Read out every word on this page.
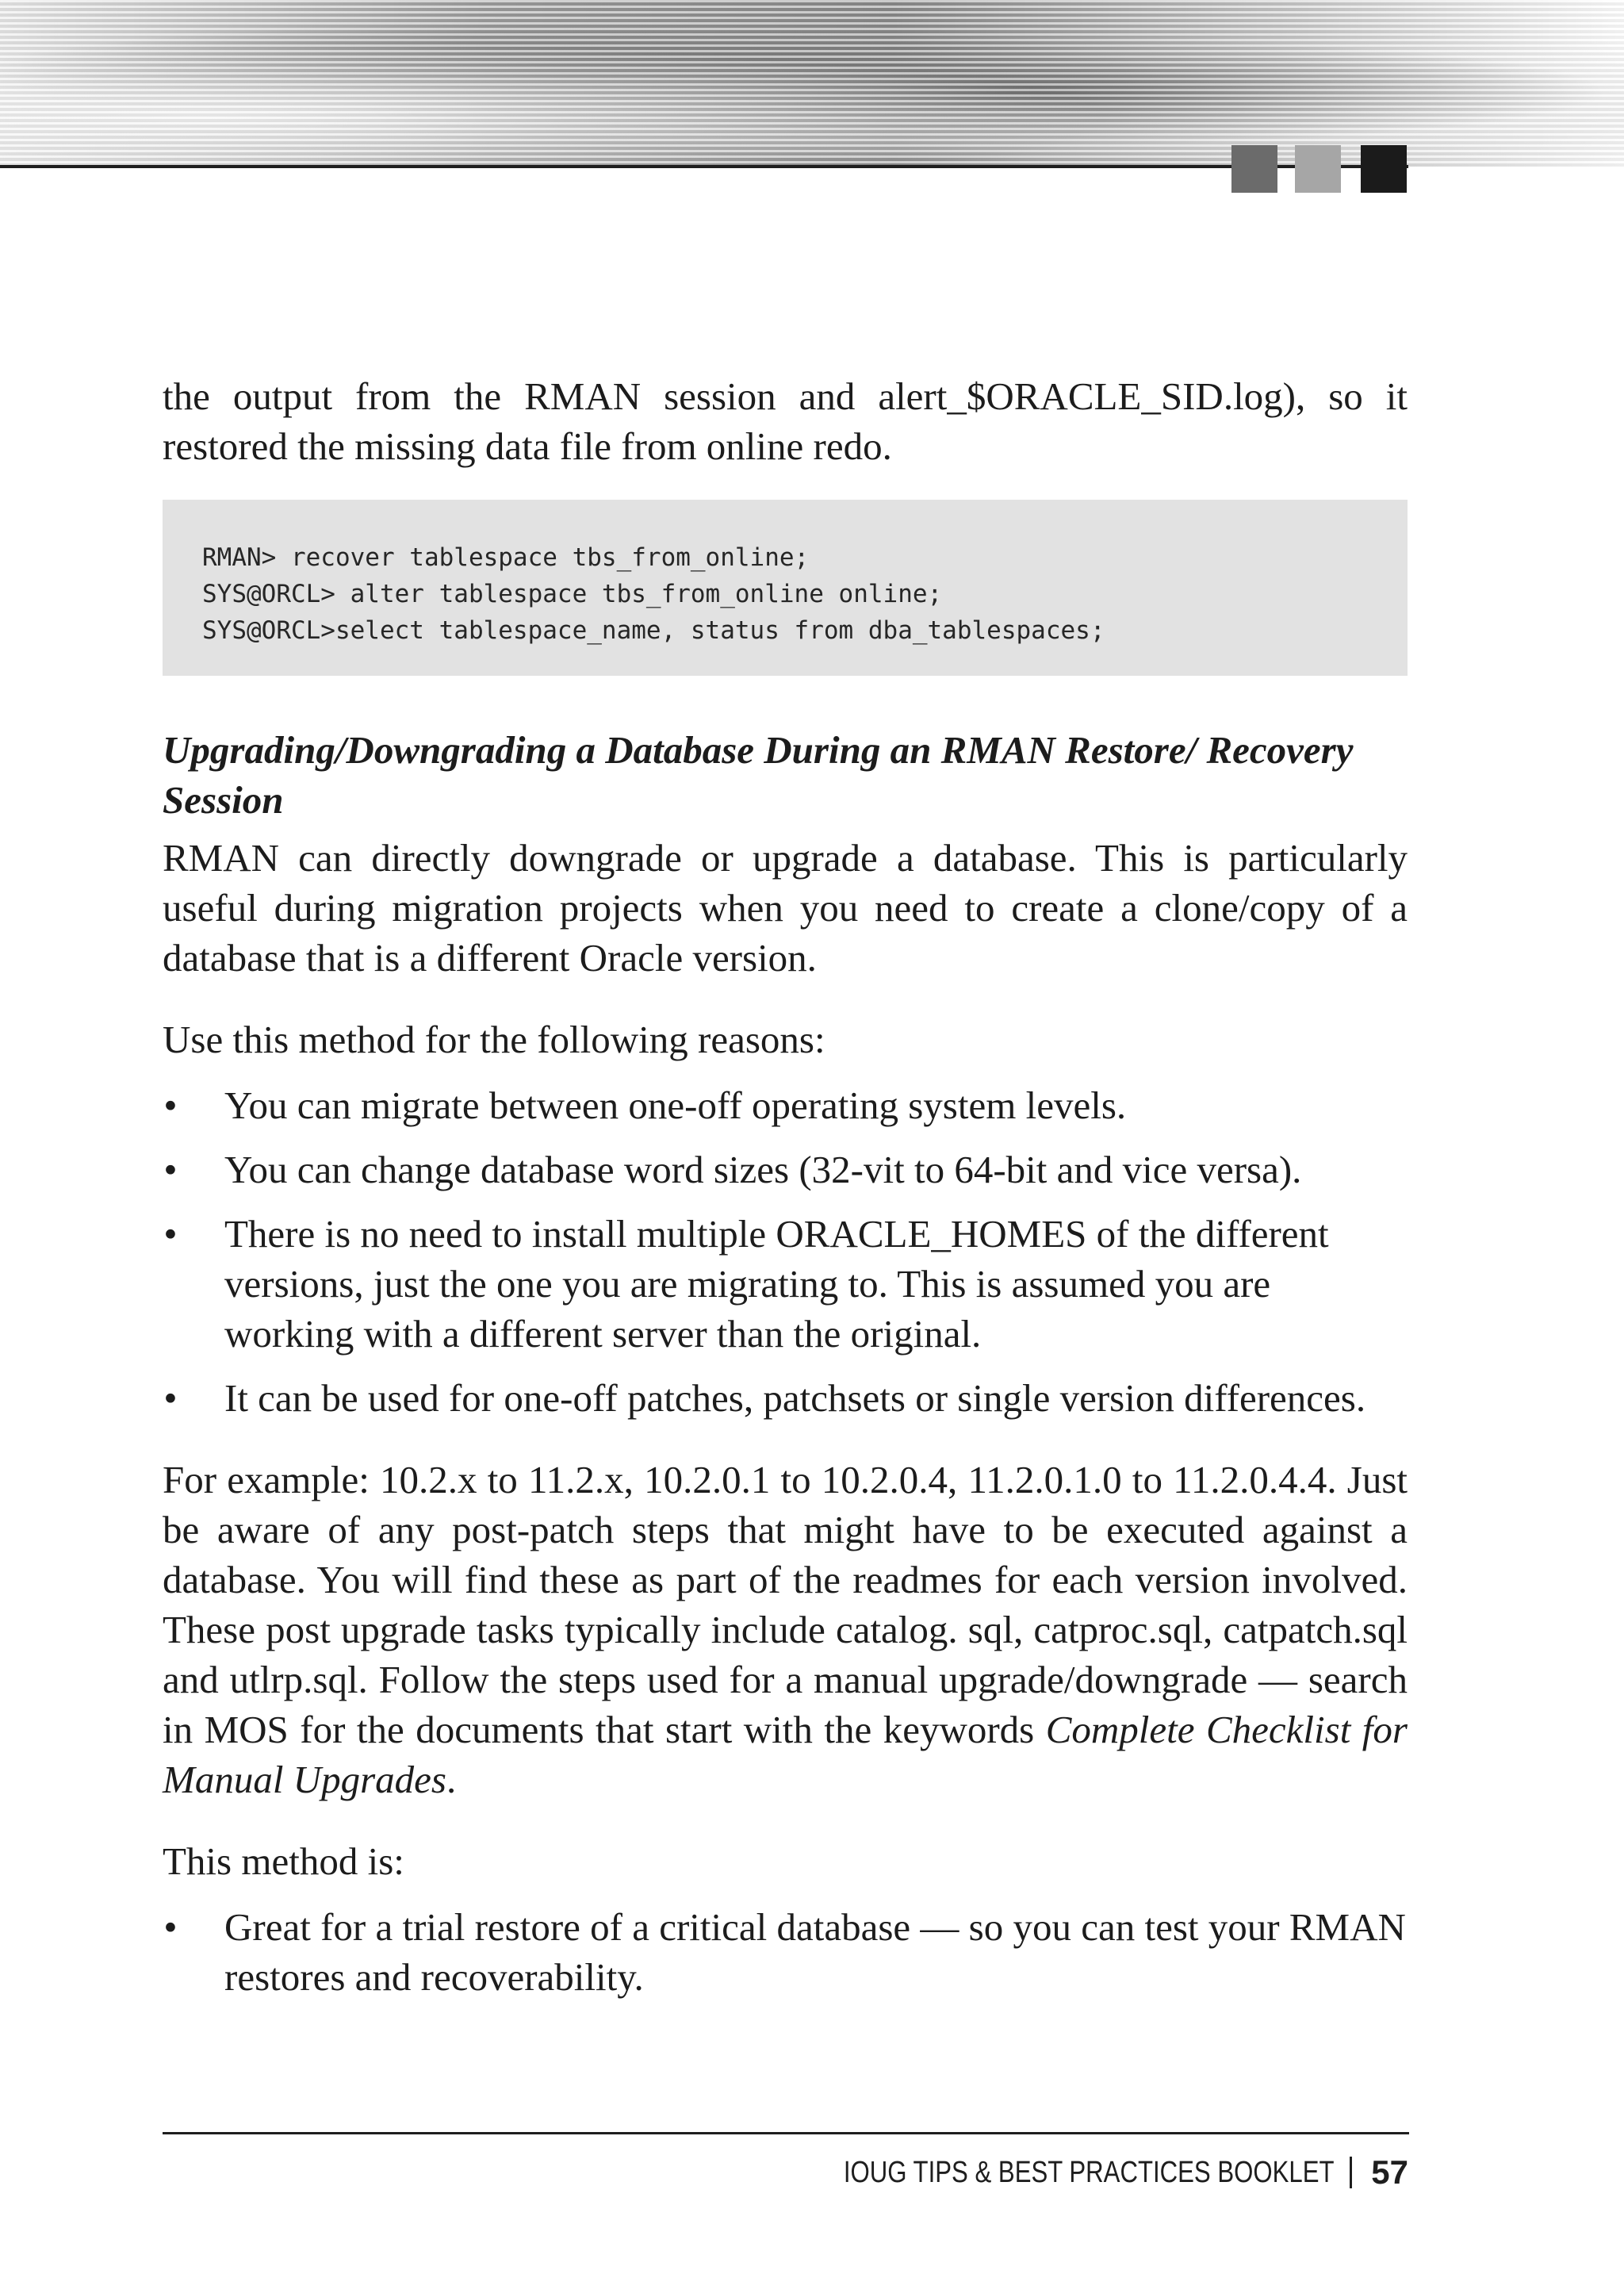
the output from the RMAN session and alert_$ORACLE_SID.log), so it restored the missing data file from online redo.

RMAN> recover tablespace tbs_from_online;
SYS@ORCL> alter tablespace tbs_from_online online;
SYS@ORCL>select tablespace_name, status from dba_tablespaces;
Upgrading/Downgrading a Database During an RMAN Restore/ Recovery Session

RMAN can directly downgrade or upgrade a database. This is particularly useful during migration projects when you need to create a clone/copy of a database that is a different Oracle version.

Use this method for the following reasons:

•
You can migrate between one-off operating system levels.
•
You can change database word sizes (32-vit to 64-bit and vice versa).
•
There is no need to install multiple ORACLE_HOMES of the different versions, just the one you are migrating to. This is assumed you are working with a different server than the original.
•
It can be used for one-off patches, patchsets or single version differences.

For example: 10.2.x to 11.2.x, 10.2.0.1 to 10.2.0.4, 11.2.0.1.0 to 11.2.0.4.4. Just be aware of any post-patch steps that might have to be executed against a database. You will find these as part of the readmes for each version involved. These post upgrade tasks typically include catalog. sql, catproc.sql, catpatch.sql and utlrp.sql. Follow the steps used for a manual upgrade/downgrade — search in MOS for the documents that start with the keywords Complete Checklist for Manual Upgrades.

This method is:

•
Great for a trial restore of a critical database — so you can test your RMAN restores and recoverability.
IOUG TIPS & BEST PRACTICES BOOKLET 57
